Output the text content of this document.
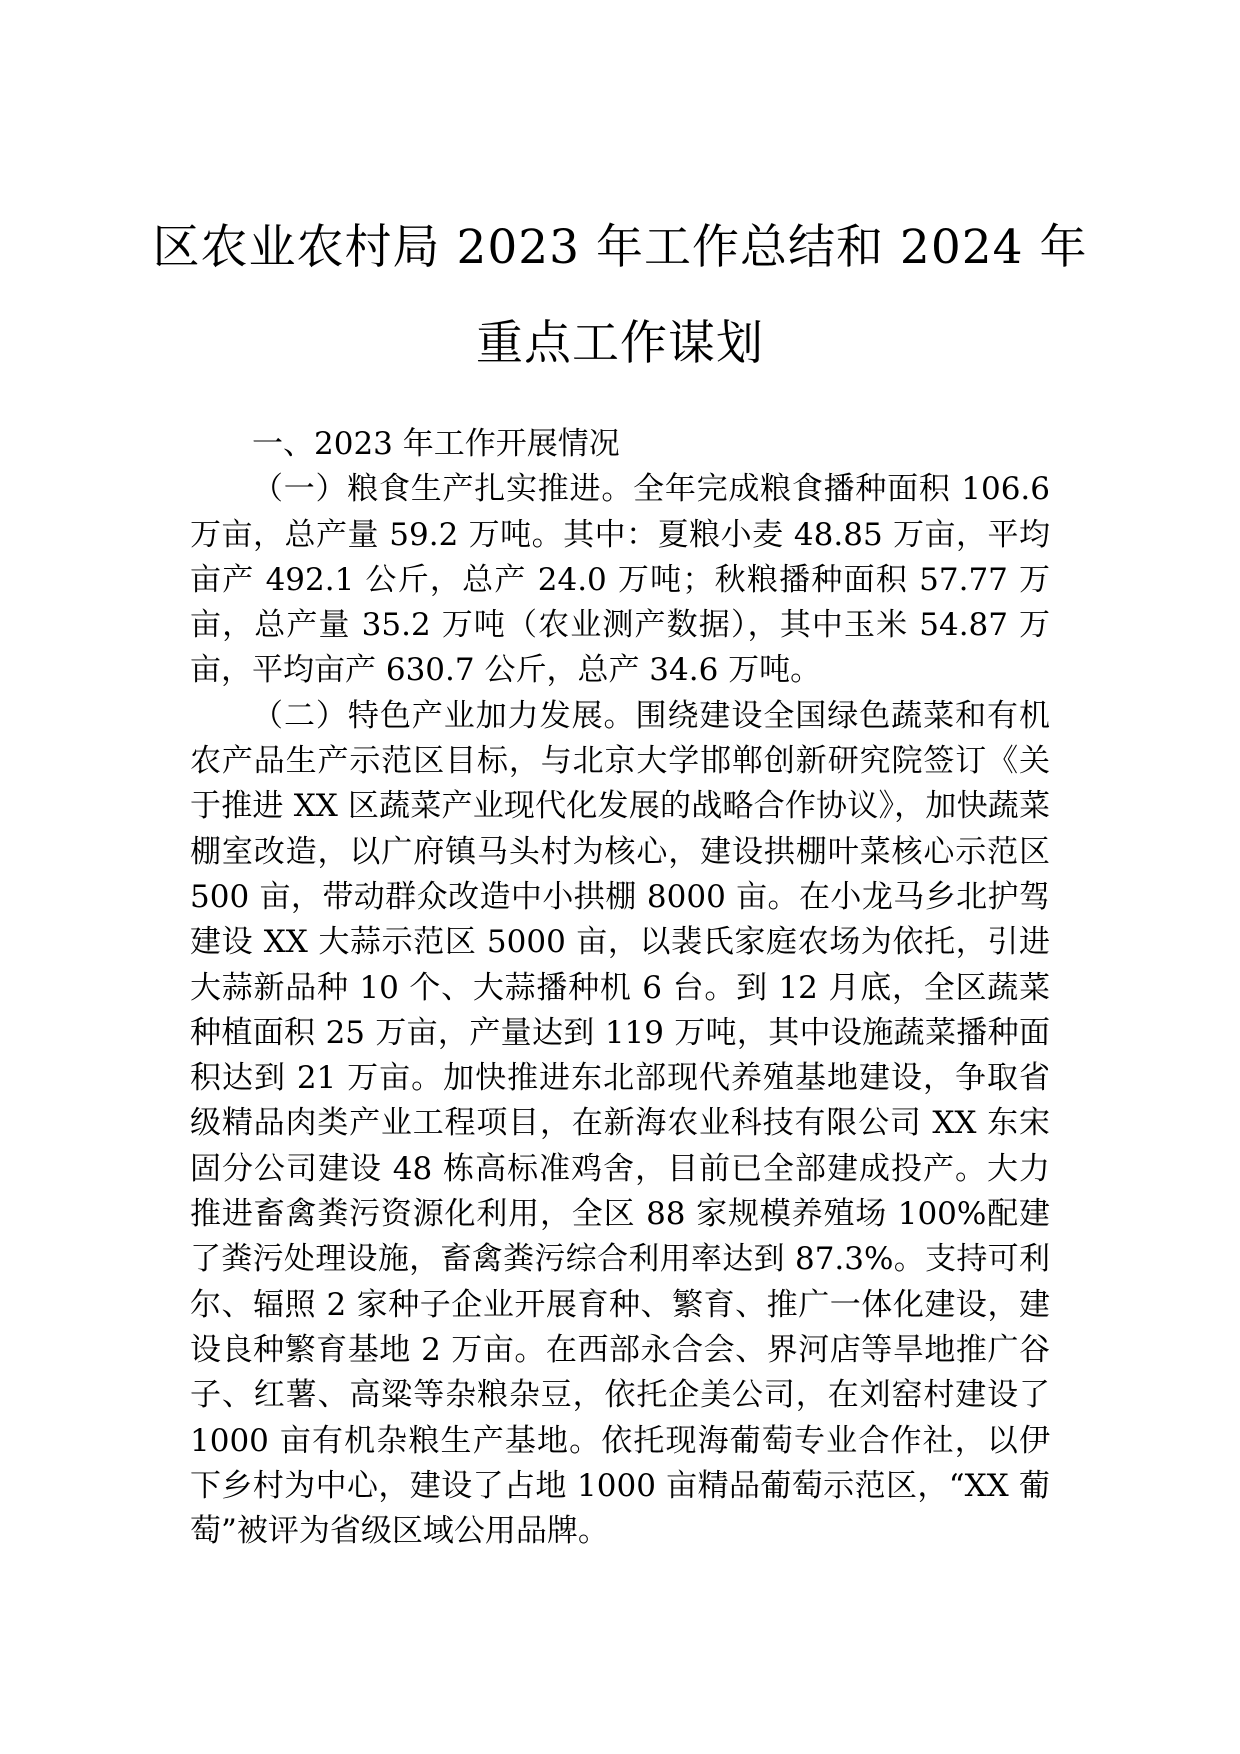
区农业农村局 2023 年工作总结和 2024 年
重点工作谋划

一、2023 年工作开展情况

（一）粮食生产扎实推进。全年完成粮食播种面积 106.6 万亩，总产量 59.2 万吨。其中：夏粮小麦 48.85 万亩，平均亩产 492.1 公斤，总产 24.0 万吨；秋粮播种面积 57.77 万亩，总产量 35.2 万吨（农业测产数据），其中玉米 54.87 万亩，平均亩产 630.7 公斤，总产 34.6 万吨。

（二）特色产业加力发展。围绕建设全国绿色蔬菜和有机农产品生产示范区目标，与北京大学邯郸创新研究院签订《关于推进 XX 区蔬菜产业现代化发展的战略合作协议》，加快蔬菜棚室改造，以广府镇马头村为核心，建设拱棚叶菜核心示范区 500 亩，带动群众改造中小拱棚 8000 亩。在小龙马乡北护驾建设 XX 大蒜示范区 5000 亩，以裴氏家庭农场为依托，引进大蒜新品种 10 个、大蒜播种机 6 台。到 12 月底，全区蔬菜种植面积 25 万亩，产量达到 119 万吨，其中设施蔬菜播种面积达到 21 万亩。加快推进东北部现代养殖基地建设，争取省级精品肉类产业工程项目，在新海农业科技有限公司 XX 东宋固分公司建设 48 栋高标准鸡舍，目前已全部建成投产。大力推进畜禽粪污资源化利用，全区 88 家规模养殖场 100%配建了粪污处理设施，畜禽粪污综合利用率达到 87.3%。支持可利尔、辐照 2 家种子企业开展育种、繁育、推广一体化建设，建设良种繁育基地 2 万亩。在西部永合会、界河店等旱地推广谷子、红薯、高粱等杂粮杂豆，依托企美公司，在刘窑村建设了 1000 亩有机杂粮生产基地。依托现海葡萄专业合作社，以伊下乡村为中心，建设了占地 1000 亩精品葡萄示范区，“XX 葡萄”被评为省级区域公用品牌。
